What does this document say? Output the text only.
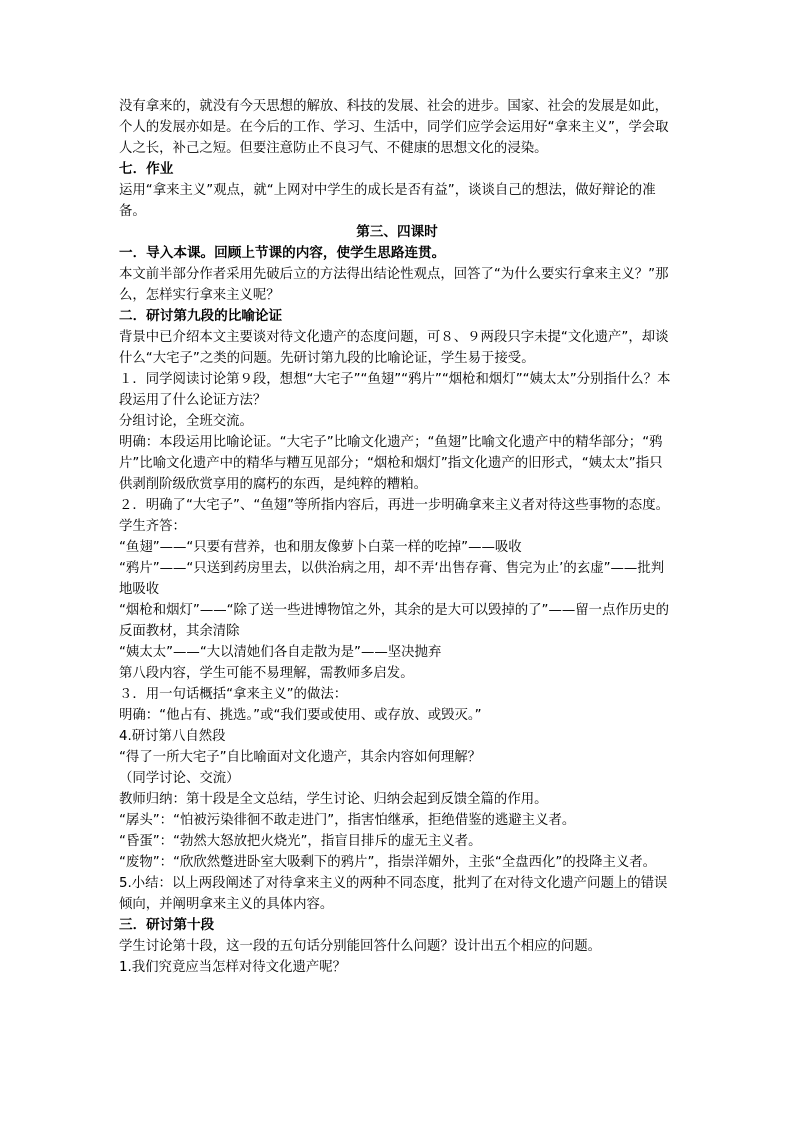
没有拿来的，就没有今天思想的解放、科技的发展、社会的进步。国家、社会的发展是如此，个人的发展亦如是。在今后的工作、学习、生活中，同学们应学会运用好“拿来主义”，学会取人之长，补己之短。但要注意防止不良习气、不健康的思想文化的浸染。

七．作业

运用“拿来主义”观点，就“上网对中学生的成长是否有益”，谈谈自己的想法，做好辩论的准备。

第三、四课时

一．导入本课。回顾上节课的内容，使学生思路连贯。

本文前半部分作者采用先破后立的方法得出结论性观点，回答了“为什么要实行拿来主义？”那么，怎样实行拿来主义呢？

二．研讨第九段的比喻论证

背景中已介绍本文主要谈对待文化遗产的态度问题，可８、９两段只字未提“文化遗产”，却谈什么“大宅子”之类的问题。先研讨第九段的比喻论证，学生易于接受。

１．同学阅读讨论第９段，想想“大宅子”“鱼翅”“鸦片”“烟枪和烟灯”“姨太太”分别指什么？本段运用了什么论证方法？

分组讨论，全班交流。

明确：本段运用比喻论证。“大宅子”比喻文化遗产；“鱼翅”比喻文化遗产中的精华部分；“鸦片”比喻文化遗产中的精华与糟互见部分；“烟枪和烟灯”指文化遗产的旧形式，“姨太太”指只供剥削阶级欣赏享用的腐朽的东西，是纯粹的糟粕。

２．明确了“大宅子”、“鱼翅”等所指内容后，再进一步明确拿来主义者对待这些事物的态度。

学生齐答：

“鱼翅”——“只要有营养，也和朋友像萝卜白菜一样的吃掉”——吸收

“鸦片”——“只送到药房里去，以供治病之用，却不弄‘出售存膏、售完为止’的玄虚”——批判地吸收

“烟枪和烟灯”——“除了送一些进博物馆之外，其余的是大可以毁掉的了”——留一点作历史的反面教材，其余清除

“姨太太”——“大以清她们各自走散为是”——坚决抛弃

第八段内容，学生可能不易理解，需教师多启发。

３．用一句话概括“拿来主义”的做法：

明确：“他占有、挑选。”或“我们要或使用、或存放、或毁灭。”

4.研讨第八自然段

“得了一所大宅子”自比喻面对文化遗产，其余内容如何理解？

（同学讨论、交流）

教师归纳：第十段是全文总结，学生讨论、归纳会起到反馈全篇的作用。

“孱头”：“怕被污染徘徊不敢走进门”，指害怕继承，拒绝借鉴的逃避主义者。

“昏蛋”：“勃然大怒放把火烧光”，指盲目排斥的虚无主义者。

“废物”：“欣欣然蹩进卧室大吸剩下的鸦片”，指崇洋媚外，主张“全盘西化”的投降主义者。

5.小结：以上两段阐述了对待拿来主义的两种不同态度，批判了在对待文化遗产问题上的错误倾向，并阐明拿来主义的具体内容。

三．研讨第十段

学生讨论第十段，这一段的五句话分别能回答什么问题？设计出五个相应的问题。

1.我们究竟应当怎样对待文化遗产呢？
